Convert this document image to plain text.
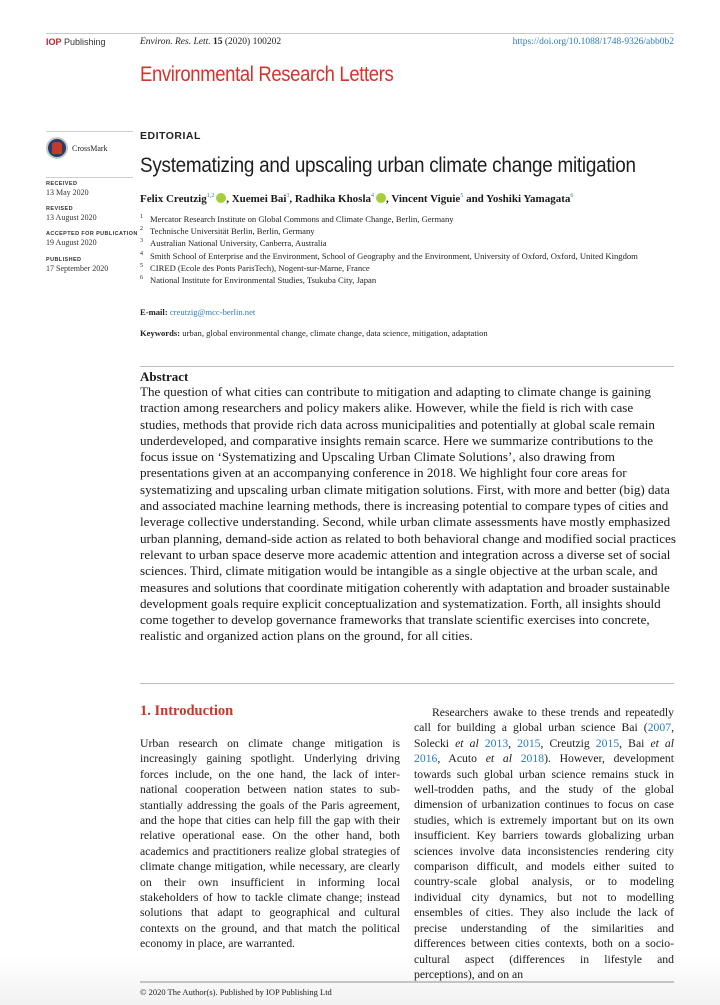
IOP Publishing	Environ. Res. Lett. 15 (2020) 100202	https://doi.org/10.1088/1748-9326/abb0b2
Environmental Research Letters
CrossMark
RECEIVED
13 May 2020
REVISED
13 August 2020
ACCEPTED FOR PUBLICATION
19 August 2020
PUBLISHED
17 September 2020
EDITORIAL
Systematizing and upscaling urban climate change mitigation
Felix Creutzig$^{1,2}$ , Xuemei Bai$^3$, Radhika Khosla$^4$ , Vincent Viguie$^5$ and Yoshiki Yamagata$^6$
1 Mercator Research Institute on Global Commons and Climate Change, Berlin, Germany
2 Technische Universität Berlin, Berlin, Germany
3 Australian National University, Canberra, Australia
4 Smith School of Enterprise and the Environment, School of Geography and the Environment, University of Oxford, Oxford, United Kingdom
5 CIRED (Ecole des Ponts ParisTech), Nogent-sur-Marne, France
6 National Institute for Environmental Studies, Tsukuba City, Japan
E-mail: creutzig@mcc-berlin.net
Keywords: urban, global environmental change, climate change, data science, mitigation, adaptation
Abstract
The question of what cities can contribute to mitigation and adapting to climate change is gaining traction among researchers and policy makers alike. However, while the field is rich with case studies, methods that provide rich data across municipalities and potentially at global scale remain underdeveloped, and comparative insights remain scarce. Here we summarize contributions to the focus issue on ‘Systematizing and Upscaling Urban Climate Solutions’, also drawing from presentations given at an accompanying conference in 2018. We highlight four core areas for systematizing and upscaling urban climate mitigation solutions. First, with more and better (big) data and associated machine learning methods, there is increasing potential to compare types of cities and leverage collective understanding. Second, while urban climate assessments have mostly emphasized urban planning, demand-side action as related to both behavioral change and modified social practices relevant to urban space deserve more academic attention and integration across a diverse set of social sciences. Third, climate mitigation would be intangible as a single objective at the urban scale, and measures and solutions that coordinate mitigation coherently with adaptation and broader sustainable development goals require explicit conceptualization and systematization. Forth, all insights should come together to develop governance frameworks that translate scientific exercises into concrete, realistic and organized action plans on the ground, for all cities.
1. Introduction
Urban research on climate change mitigation is increasingly gaining spotlight. Underlying driving forces include, on the one hand, the lack of international cooperation between nation states to substantially addressing the goals of the Paris agreement, and the hope that cities can help fill the gap with their relative operational ease. On the other hand, both academics and practitioners realize global strategies of climate change mitigation, while necessary, are clearly on their own insufficient in informing local stakeholders of how to tackle climate change; instead solutions that adapt to geographical and cultural contexts on the ground, and that match the political economy in place, are warranted.
Researchers awake to these trends and repeatedly call for building a global urban science Bai (2007, Solecki et al 2013, 2015, Creutzig 2015, Bai et al 2016, Acuto et al 2018). However, development towards such global urban science remains stuck in well-trodden paths, and the study of the global dimension of urbanization continues to focus on case studies, which is extremely important but on its own insufficient. Key barriers towards globalizing urban sciences involve data inconsistencies rendering city comparison difficult, and models either suited to country-scale global analysis, or to modeling individual city dynamics, but not to modelling ensembles of cities. They also include the lack of precise understanding of the similarities and differences between cities contexts, both on a socio-cultural aspect (differences in lifestyle and perceptions), and on an
© 2020 The Author(s). Published by IOP Publishing Ltd
